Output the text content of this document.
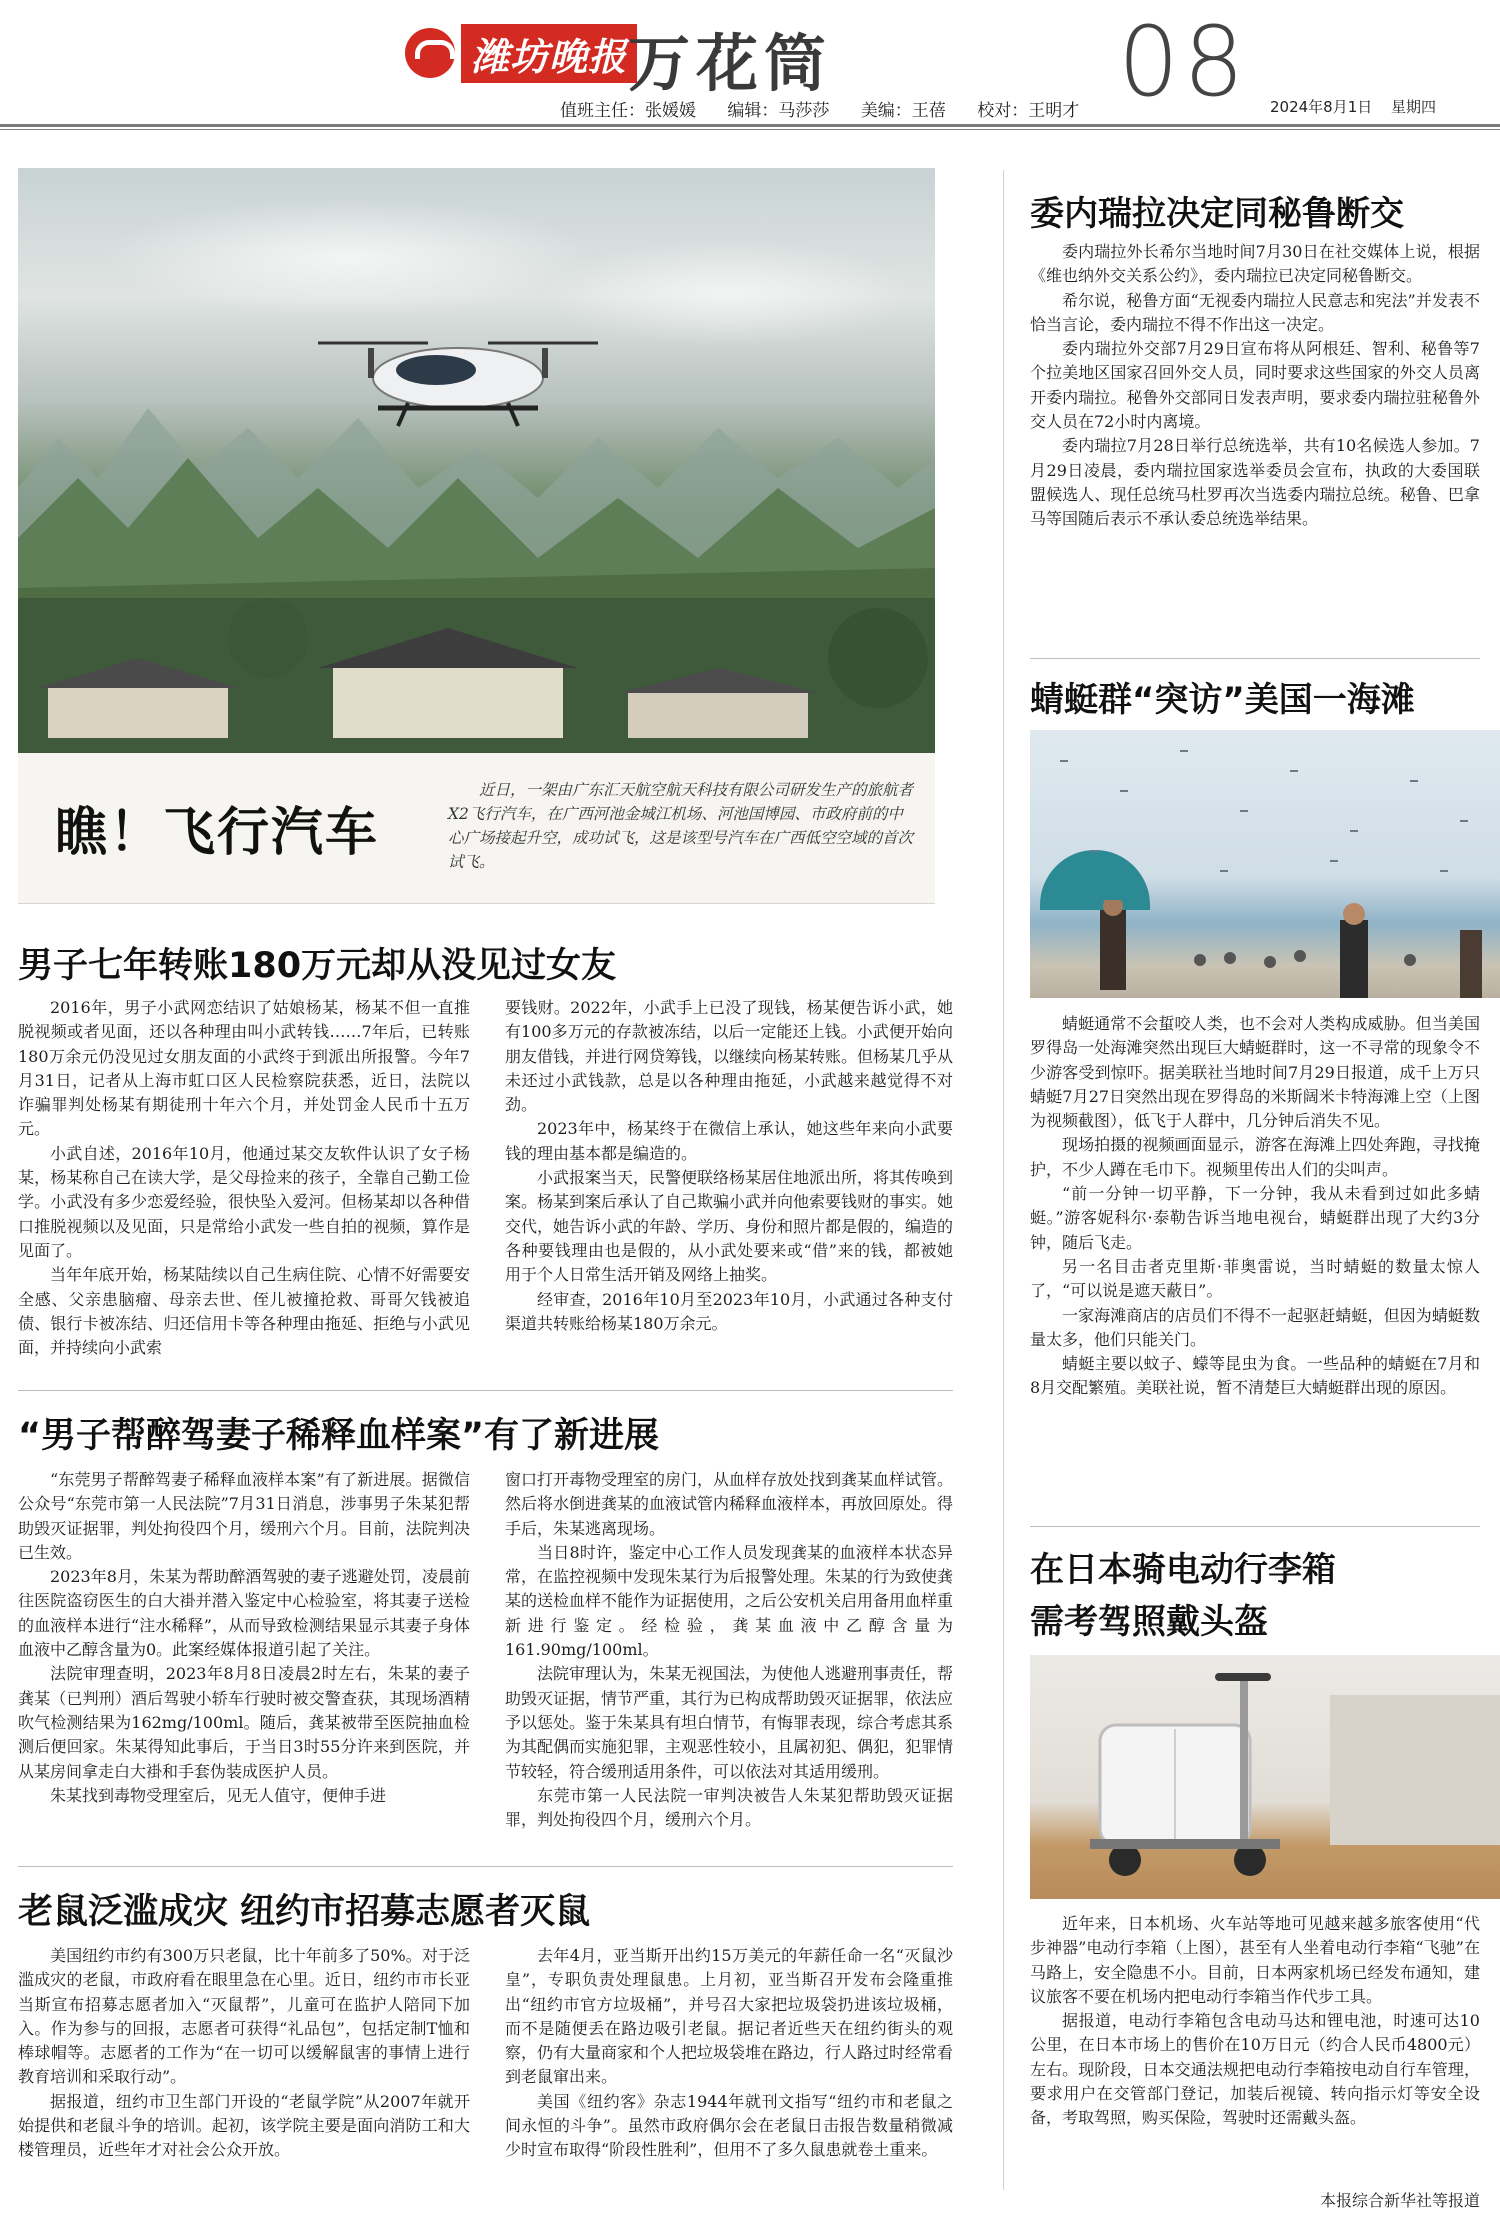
潍坊晚报 万花筒	08
值班主任：张媛媛 编辑：马莎莎 美编：王蓓 校对：王明才	2024年8月1日 星期四
瞧！飞行汽车
近日，一架由广东汇天航空航天科技有限公司研发生产的旅航者X2飞行汽车，在广西河池金城江机场、河池国博园、市政府前的中心广场接起升空，成功试飞，这是该型号汽车在广西低空空域的首次试飞。
男子七年转账180万元却从没见过女友

2016年，男子小武网恋结识了姑娘杨某，杨某不但一直推脱视频或者见面，还以各种理由叫小武转钱……7年后，已转账180万余元仍没见过女朋友面的小武终于到派出所报警。今年7月31日，记者从上海市虹口区人民检察院获悉，近日，法院以诈骗罪判处杨某有期徒刑十年六个月，并处罚金人民币十五万元。

小武自述，2016年10月，他通过某交友软件认识了女子杨某，杨某称自己在读大学，是父母捡来的孩子，全靠自己勤工俭学。小武没有多少恋爱经验，很快坠入爱河。但杨某却以各种借口推脱视频以及见面，只是常给小武发一些自拍的视频，算作是见面了。

当年年底开始，杨某陆续以自己生病住院、心情不好需要安全感、父亲患脑瘤、母亲去世、侄儿被撞抢救、哥哥欠钱被追债、银行卡被冻结、归还信用卡等各种理由拖延、拒绝与小武见面，并持续向小武索

要钱财。2022年，小武手上已没了现钱，杨某便告诉小武，她有100多万元的存款被冻结，以后一定能还上钱。小武便开始向朋友借钱，并进行网贷筹钱，以继续向杨某转账。但杨某几乎从未还过小武钱款，总是以各种理由拖延，小武越来越觉得不对劲。

2023年中，杨某终于在微信上承认，她这些年来向小武要钱的理由基本都是编造的。

小武报案当天，民警便联络杨某居住地派出所，将其传唤到案。杨某到案后承认了自己欺骗小武并向他索要钱财的事实。她交代，她告诉小武的年龄、学历、身份和照片都是假的，编造的各种要钱理由也是假的，从小武处要来或“借”来的钱，都被她用于个人日常生活开销及网络上抽奖。

经审查，2016年10月至2023年10月，小武通过各种支付渠道共转账给杨某180万余元。

“男子帮醉驾妻子稀释血样案”有了新进展

“东莞男子帮醉驾妻子稀释血液样本案”有了新进展。据微信公众号“东莞市第一人民法院”7月31日消息，涉事男子朱某犯帮助毁灭证据罪，判处拘役四个月，缓刑六个月。目前，法院判决已生效。

2023年8月，朱某为帮助醉酒驾驶的妻子逃避处罚，凌晨前往医院盗窃医生的白大褂并潜入鉴定中心检验室，将其妻子送检的血液样本进行“注水稀释”，从而导致检测结果显示其妻子身体血液中乙醇含量为0。此案经媒体报道引起了关注。

法院审理查明，2023年8月8日凌晨2时左右，朱某的妻子龚某（已判刑）酒后驾驶小轿车行驶时被交警查获，其现场酒精吹气检测结果为162mg/100ml。随后，龚某被带至医院抽血检测后便回家。朱某得知此事后，于当日3时55分许来到医院，并从某房间拿走白大褂和手套伪装成医护人员。

朱某找到毒物受理室后，见无人值守，便伸手进

窗口打开毒物受理室的房门，从血样存放处找到龚某血样试管。然后将水倒进龚某的血液试管内稀释血液样本，再放回原处。得手后，朱某逃离现场。

当日8时许，鉴定中心工作人员发现龚某的血液样本状态异常，在监控视频中发现朱某行为后报警处理。朱某的行为致使龚某的送检血样不能作为证据使用，之后公安机关启用备用血样重新进行鉴定。经检验，龚某血液中乙醇含量为161.90mg/100ml。

法院审理认为，朱某无视国法，为使他人逃避刑事责任，帮助毁灭证据，情节严重，其行为已构成帮助毁灭证据罪，依法应予以惩处。鉴于朱某具有坦白情节，有悔罪表现，综合考虑其系为其配偶而实施犯罪，主观恶性较小，且属初犯、偶犯，犯罪情节较轻，符合缓刑适用条件，可以依法对其适用缓刑。

东莞市第一人民法院一审判决被告人朱某犯帮助毁灭证据罪，判处拘役四个月，缓刑六个月。

老鼠泛滥成灾 纽约市招募志愿者灭鼠

美国纽约市约有300万只老鼠，比十年前多了50%。对于泛滥成灾的老鼠，市政府看在眼里急在心里。近日，纽约市市长亚当斯宣布招募志愿者加入“灭鼠帮”，儿童可在监护人陪同下加入。作为参与的回报，志愿者可获得“礼品包”，包括定制T恤和棒球帽等。志愿者的工作为“在一切可以缓解鼠害的事情上进行教育培训和采取行动”。

据报道，纽约市卫生部门开设的“老鼠学院”从2007年就开始提供和老鼠斗争的培训。起初，该学院主要是面向消防工和大楼管理员，近些年才对社会公众开放。

去年4月，亚当斯开出约15万美元的年薪任命一名“灭鼠沙皇”，专职负责处理鼠患。上月初，亚当斯召开发布会隆重推出“纽约市官方垃圾桶”，并号召大家把垃圾袋扔进该垃圾桶，而不是随便丢在路边吸引老鼠。据记者近些天在纽约街头的观察，仍有大量商家和个人把垃圾袋堆在路边，行人路过时经常看到老鼠窜出来。

美国《纽约客》杂志1944年就刊文指写“纽约市和老鼠之间永恒的斗争”。虽然市政府偶尔会在老鼠日击报告数量稍微减少时宣布取得“阶段性胜利”，但用不了多久鼠患就卷土重来。

委内瑞拉决定同秘鲁断交

委内瑞拉外长希尔当地时间7月30日在社交媒体上说，根据《维也纳外交关系公约》，委内瑞拉已决定同秘鲁断交。

希尔说，秘鲁方面“无视委内瑞拉人民意志和宪法”并发表不恰当言论，委内瑞拉不得不作出这一决定。

委内瑞拉外交部7月29日宣布将从阿根廷、智利、秘鲁等7个拉美地区国家召回外交人员，同时要求这些国家的外交人员离开委内瑞拉。秘鲁外交部同日发表声明，要求委内瑞拉驻秘鲁外交人员在72小时内离境。

委内瑞拉7月28日举行总统选举，共有10名候选人参加。7月29日凌晨，委内瑞拉国家选举委员会宣布，执政的大委国联盟候选人、现任总统马杜罗再次当选委内瑞拉总统。秘鲁、巴拿马等国随后表示不承认委总统选举结果。

蜻蜓群“突访”美国一海滩

蜻蜓通常不会蜇咬人类，也不会对人类构成威胁。但当美国罗得岛一处海滩突然出现巨大蜻蜓群时，这一不寻常的现象令不少游客受到惊吓。据美联社当地时间7月29日报道，成千上万只蜻蜓7月27日突然出现在罗得岛的米斯阔米卡特海滩上空（上图为视频截图），低飞于人群中，几分钟后消失不见。

现场拍摄的视频画面显示，游客在海滩上四处奔跑，寻找掩护，不少人蹲在毛巾下。视频里传出人们的尖叫声。

“前一分钟一切平静，下一分钟，我从未看到过如此多蜻蜓。”游客妮科尔·泰勒告诉当地电视台，蜻蜓群出现了大约3分钟，随后飞走。

另一名目击者克里斯·菲奥雷说，当时蜻蜓的数量太惊人了，“可以说是遮天蔽日”。

一家海滩商店的店员们不得不一起驱赶蜻蜓，但因为蜻蜓数量太多，他们只能关门。

蜻蜓主要以蚊子、蠓等昆虫为食。一些品种的蜻蜓在7月和8月交配繁殖。美联社说，暂不清楚巨大蜻蜓群出现的原因。

在日本骑电动行李箱
需考驾照戴头盔

近年来，日本机场、火车站等地可见越来越多旅客使用“代步神器”电动行李箱（上图），甚至有人坐着电动行李箱“飞驰”在马路上，安全隐患不小。目前，日本两家机场已经发布通知，建议旅客不要在机场内把电动行李箱当作代步工具。

据报道，电动行李箱包含电动马达和锂电池，时速可达10公里，在日本市场上的售价在10万日元（约合人民币4800元）左右。现阶段，日本交通法规把电动行李箱按电动自行车管理，要求用户在交管部门登记，加装后视镜、转向指示灯等安全设备，考取驾照，购买保险，驾驶时还需戴头盔。

本报综合新华社等报道
